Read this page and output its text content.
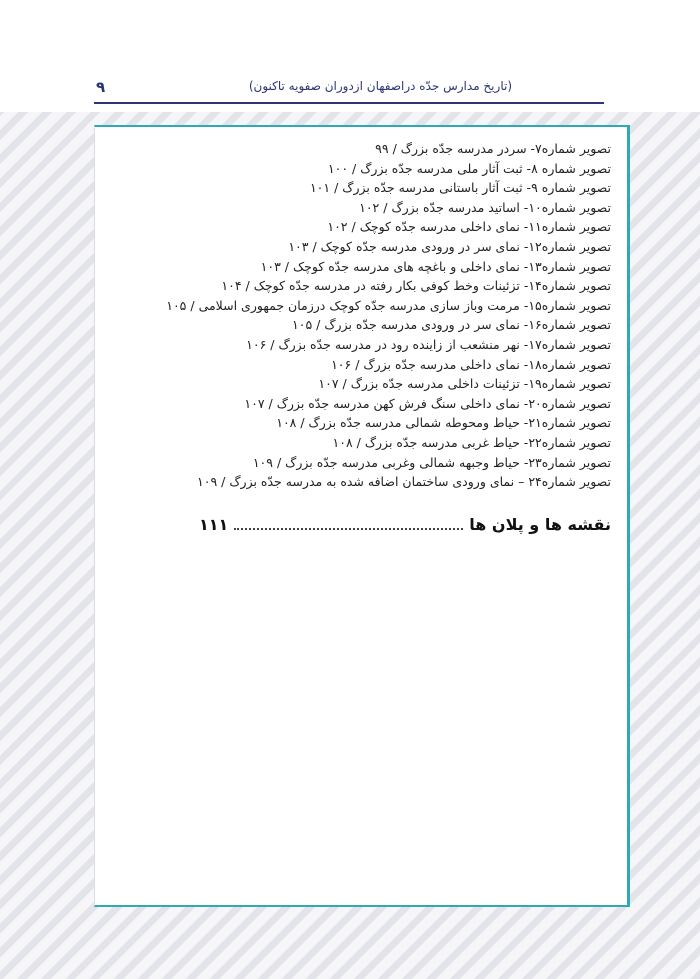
۹	(تاریخ مدارس جدّه دراصفهان ازدوران صفویه تاکنون)
تصویر شماره۷- سردر مدرسه جدّه بزرگ / ۹۹
تصویر شماره ۸- ثبت آثار ملی مدرسه جدّه بزرگ / ۱۰۰
تصویر شماره ۹- ثبت آثار باستانی مدرسه جدّه بزرگ / ۱۰۱
تصویر شماره۱۰- اساتید مدرسه جدّه بزرگ / ۱۰۲
تصویر شماره۱۱- نمای داخلی مدرسه جدّه کوچک / ۱۰۲
تصویر شماره۱۲- نمای سر در ورودی مدرسه جدّه کوچک / ۱۰۳
تصویر شماره۱۳- نمای داخلی و باغچه های مدرسه جدّه کوچک / ۱۰۳
تصویر شماره۱۴- تزئینات وخط کوفی بکار رفته در مدرسه جدّه کوچک / ۱۰۴
تصویر شماره۱۵- مرمت وباز سازی مدرسه جدّه کوچک درزمان جمهوری اسلامی / ۱۰۵
تصویر شماره۱۶- نمای سر در ورودی مدرسه جدّه بزرگ / ۱۰۵
تصویر شماره۱۷- نهر منشعب از زاینده رود در مدرسه جدّه بزرگ / ۱۰۶
تصویر شماره۱۸- نمای داخلی مدرسه جدّه بزرگ / ۱۰۶
تصویر شماره۱۹- تزئینات داخلی مدرسه جدّه بزرگ / ۱۰۷
تصویر شماره۲۰- نمای داخلی سنگ فرش کهن مدرسه جدّه بزرگ / ۱۰۷
تصویر شماره۲۱- حیاط ومحوطه شمالی مدرسه جدّه بزرگ / ۱۰۸
تصویر شماره۲۲- حیاط غربی مدرسه جدّه بزرگ / ۱۰۸
تصویر شماره۲۳- حیاط وجبهه شمالی وغربی مدرسه جدّه بزرگ / ۱۰۹
تصویر شماره۲۴ – نمای ورودی ساختمان اضافه شده به مدرسه جدّه بزرگ / ۱۰۹
نقشه ها و پلان ها
۱۱۱
